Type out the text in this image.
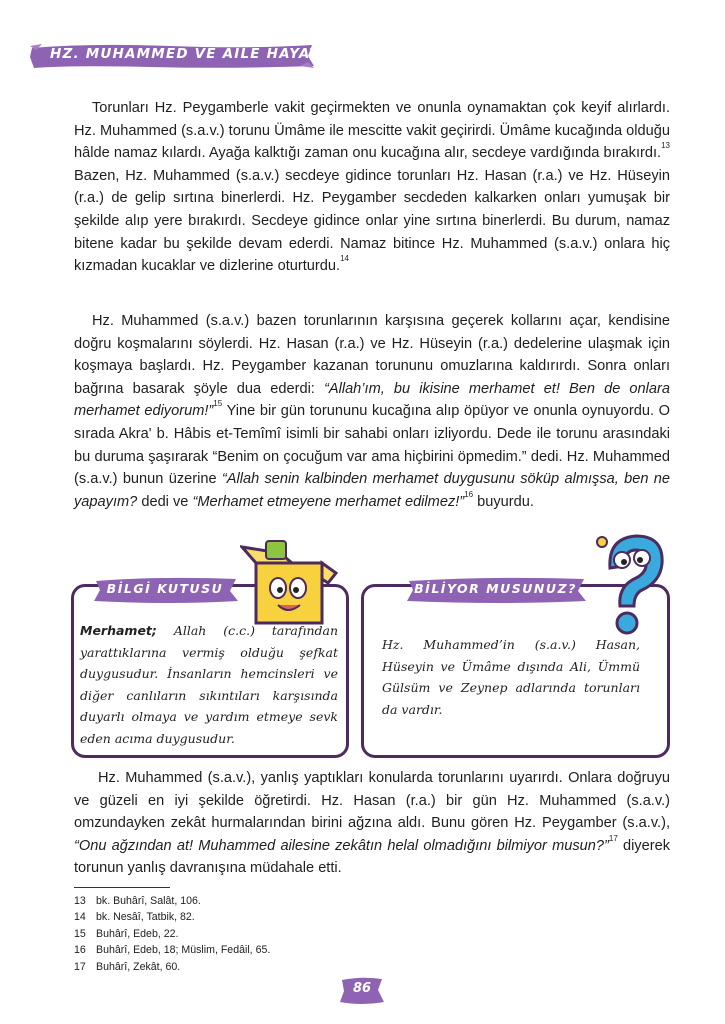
HZ. MUHAMMED VE AİLE HAYATI

Torunları Hz. Peygamberle vakit geçirmekten ve onunla oynamaktan çok keyif alırlardı. Hz. Muhammed (s.a.v.) torunu Ümâme ile mescitte vakit geçirirdi. Ümâme kucağında olduğu hâlde namaz kılardı. Ayağa kalktığı zaman onu kucağına alır, secdeye vardığında bırakırdı.$^{13}$ Bazen, Hz. Muhammed (s.a.v.) secdeye gidince torunları Hz. Hasan (r.a.) ve Hz. Hüseyin (r.a.) de gelip sırtına binerlerdi. Hz. Peygamber secdeden kalkarken onları yumuşak bir şekilde alıp yere bırakırdı. Secdeye gidince onlar yine sırtına binerlerdi. Bu durum, namaz bitene kadar bu şekilde devam ederdi. Namaz bitince Hz. Muhammed (s.a.v.) onlara hiç kızmadan kucaklar ve dizlerine oturturdu.$^{14}$

Hz. Muhammed (s.a.v.) bazen torunlarının karşısına geçerek kollarını açar, kendisine doğru koşmalarını söylerdi. Hz. Hasan (r.a.) ve Hz. Hüseyin (r.a.) dedelerine ulaşmak için koşmaya başlardı. Hz. Peygamber kazanan torununu omuzlarına kaldırırdı. Sonra onları bağrına basarak şöyle dua ederdi: “Allah’ım, bu ikisine merhamet et! Ben de onlara merhamet ediyorum!”$^{15}$ Yine bir gün torununu kucağına alıp öpüyor ve onunla oynuyordu. O sırada Akra' b. Hâbis et-Temîmî isimli bir sahabi onları izliyordu. Dede ile torunu arasındaki bu duruma şaşırarak “Benim on çocuğum var ama hiçbirini öpmedim.” dedi. Hz. Muhammed (s.a.v.) bunun üzerine “Allah senin kalbinden merhamet duygusunu söküp almışsa, ben ne yapayım? dedi ve “Merhamet etmeyene merhamet edilmez!”$^{16}$ buyurdu.

Merhamet; Allah (c.c.) tarafından yarattıklarına vermiş olduğu şefkat duygusudur. İnsanların hemcinsleri ve diğer canlıların sıkıntıları karşısında duyarlı olmaya ve yardım etmeye sevk eden acıma duygusudur.
BİLGİ KUTUSU
Hz. Muhammed’in (s.a.v.) Hasan, Hüseyin ve Ümâme dışında Ali, Ümmü Gülsüm ve Zeynep adlarında torunları da vardır.
BİLİYOR MUSUNUZ?

Hz. Muhammed (s.a.v.), yanlış yaptıkları konularda torunlarını uyarırdı. Onlara doğruyu ve güzeli en iyi şekilde öğretirdi. Hz. Hasan (r.a.) bir gün Hz. Muhammed (s.a.v.) omzundayken zekât hurmalarından birini ağzına aldı. Bunu gören Hz. Peygamber (s.a.v.), “Onu ağzından at! Muhammed ailesine zekâtın helal olmadığını bilmiyor musun?”$^{17}$ diyerek torunun yanlış davranışına müdahale etti.

13 bk. Buhârî, Salât, 106.
14 bk. Nesâî, Tatbik, 82.
15 Buhârî, Edeb, 22.
16 Buhârî, Edeb, 18; Müslim, Fedâil, 65.
17 Buhârî, Zekât, 60.
86
